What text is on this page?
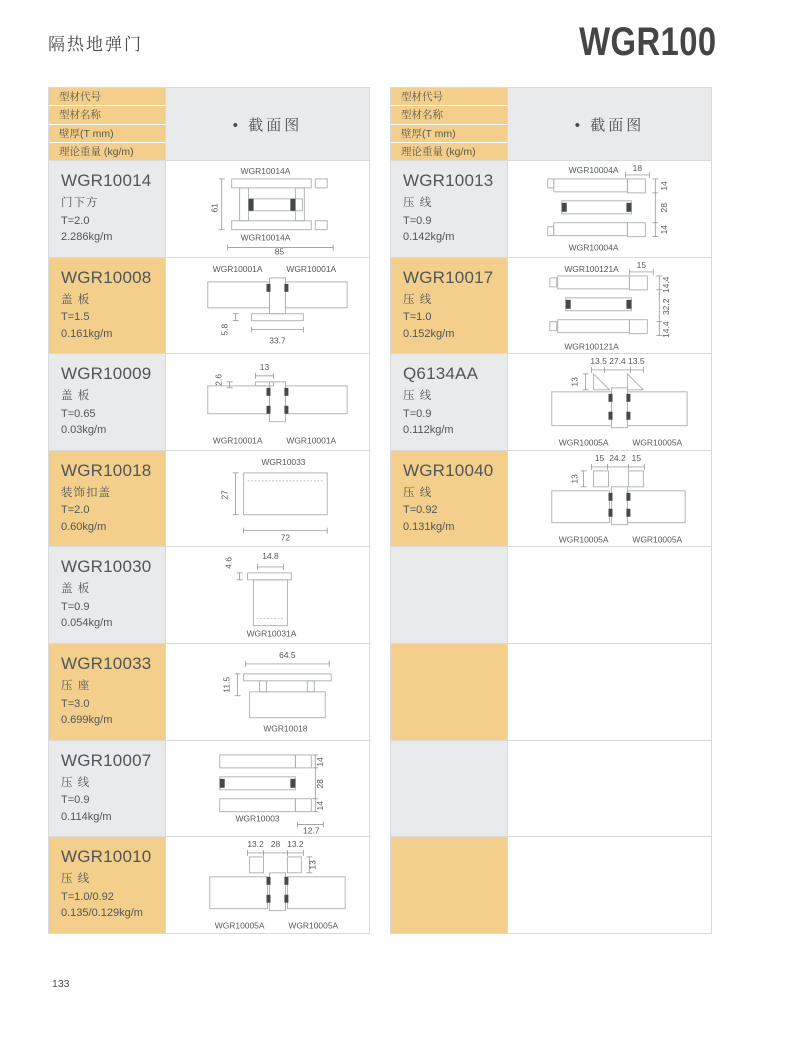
隔热地弹门	WGR100
型材代号
型材名称
壁厚(T mm)
理论重量 (kg/m)
• 截面图
WGR10014
门下方
T=2.0
2.286kg/m
WGR10014A
WGR10014A
61
85
WGR10008
盖 板
T=1.5
0.161kg/m
WGR10001A	WGR10001A
5.8
33.7
WGR10009
盖 板
T=0.65
0.03kg/m
2.6
13
WGR10001A	WGR10001A
WGR10018
装饰扣盖
T=2.0
0.60kg/m
WGR10033
27
72
WGR10030
盖 板
T=0.9
0.054kg/m
4.6
14.8
WGR10031A
WGR10033
压 座
T=3.0
0.699kg/m
64.5
11.5
WGR10018
WGR10007
压 线
T=0.9
0.114kg/m
14
28
14
WGR10003
12.7
WGR10010
压 线
T=1.0/0.92
0.135/0.129kg/m
13.2 28 13.2
13
WGR10005A	WGR10005A
型材代号
型材名称
壁厚(T mm)
理论重量 (kg/m)
• 截面图
WGR10013
压 线
T=0.9
0.142kg/m
WGR10004A 18
14
28
14
WGR10004A
WGR10017
压 线
T=1.0
0.152kg/m
WGR100121A 15
14.4
32.2
14.4
WGR100121A
Q6134AA
压 线
T=0.9
0.112kg/m
13.5 27.4 13.5
13
WGR10005A	WGR10005A
WGR10040
压 线
T=0.92
0.131kg/m
15 24.2 15
13
WGR10005A	WGR10005A
133
